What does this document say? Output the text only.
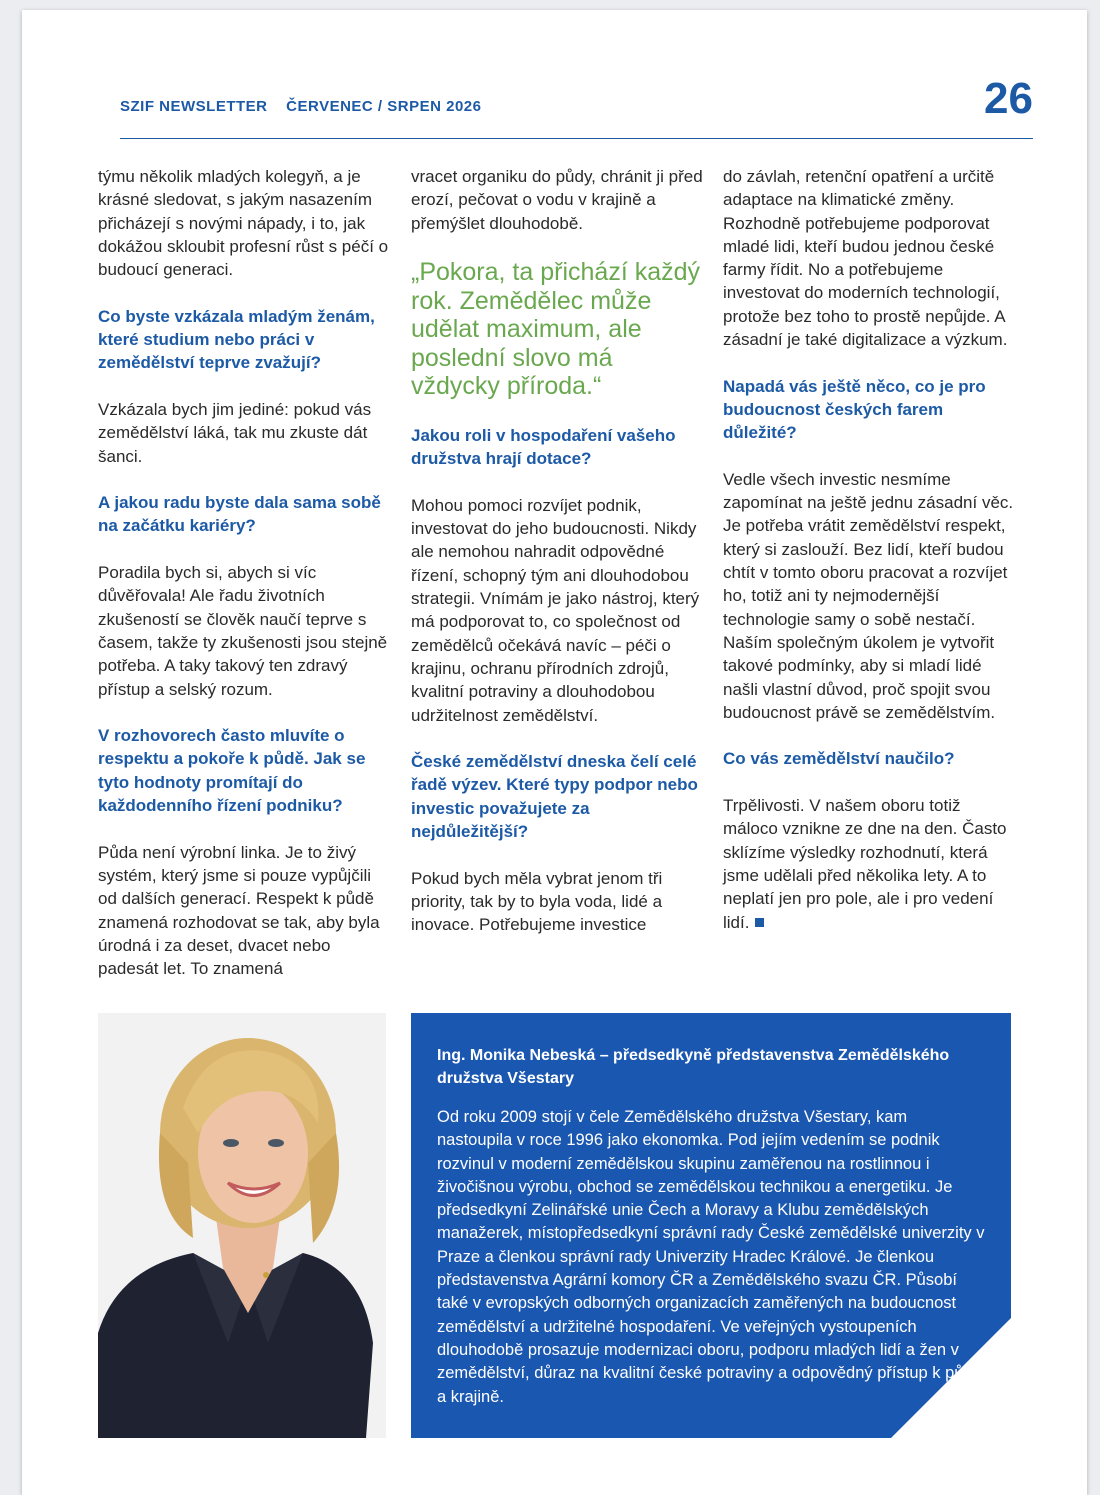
SZIF NEWSLETTER ČERVENEC / SRPEN 2026	26

týmu několik mladých kolegyň, a je krásné sledovat, s jakým nasazením přicházejí s novými nápady, i to, jak dokážou skloubit profesní růst s péčí o budoucí generaci.

Co byste vzkázala mladým ženám, které studium nebo práci v zemědělství teprve zvažují?

Vzkázala bych jim jediné: pokud vás zemědělství láká, tak mu zkuste dát šanci.

A jakou radu byste dala sama sobě na začátku kariéry?

Poradila bych si, abych si víc důvěřovala! Ale řadu životních zkušeností se člověk naučí teprve s časem, takže ty zkušenosti jsou stejně potřeba. A taky takový ten zdravý přístup a selský rozum.

V rozhovorech často mluvíte o respektu a pokoře k půdě. Jak se tyto hodnoty promítají do každodenního řízení podniku?

Půda není výrobní linka. Je to živý systém, který jsme si pouze vypůjčili od dalších generací. Respekt k půdě znamená rozhodovat se tak, aby byla úrodná i za deset, dvacet nebo padesát let. To znamená

vracet organiku do půdy, chránit ji před erozí, pečovat o vodu v krajině a přemýšlet dlouhodobě.

„Pokora, ta přichází každý rok. Zemědělec může udělat maximum, ale poslední slovo má vždycky příroda.“

Jakou roli v hospodaření vašeho družstva hrají dotace?

Mohou pomoci rozvíjet podnik, investovat do jeho budoucnosti. Nikdy ale nemohou nahradit odpovědné řízení, schopný tým ani dlouhodobou strategii. Vnímám je jako nástroj, který má podporovat to, co společnost od zemědělců očekává navíc – péči o krajinu, ochranu přírodních zdrojů, kvalitní potraviny a dlouhodobou udržitelnost zemědělství.

České zemědělství dneska čelí celé řadě výzev. Které typy podpor nebo investic považujete za nejdůležitější?

Pokud bych měla vybrat jenom tři priority, tak by to byla voda, lidé a inovace. Potřebujeme investice

do závlah, retenční opatření a určitě adaptace na klimatické změny. Rozhodně potřebujeme podporovat mladé lidi, kteří budou jednou české farmy řídit. No a potřebujeme investovat do moderních technologií, protože bez toho to prostě nepůjde. A zásadní je také digitalizace a výzkum.

Napadá vás ještě něco, co je pro budoucnost českých farem důležité?

Vedle všech investic nesmíme zapomínat na ještě jednu zásadní věc. Je potřeba vrátit zemědělství respekt, který si zaslouží. Bez lidí, kteří budou chtít v tomto oboru pracovat a rozvíjet ho, totiž ani ty nejmodernější technologie samy o sobě nestačí. Naším společným úkolem je vytvořit takové podmínky, aby si mladí lidé našli vlastní důvod, proč spojit svou budoucnost právě se zemědělstvím.

Co vás zemědělství naučilo?

Trpělivosti. V našem oboru totiž máloco vznikne ze dne na den. Často sklízíme výsledky rozhodnutí, která jsme udělali před několika lety. A to neplatí jen pro pole, ale i pro vedení lidí.

Ing. Monika Nebeská – předsedkyně představenstva Zemědělského družstva Všestary

Od roku 2009 stojí v čele Zemědělského družstva Všestary, kam nastoupila v roce 1996 jako ekonomka. Pod jejím vedením se podnik rozvinul v moderní zemědělskou skupinu zaměřenou na rostlinnou i živočišnou výrobu, obchod se zemědělskou technikou a energetiku. Je předsedkyní Zelinářské unie Čech a Moravy a Klubu zemědělských manažerek, místopředsedkyní správní rady České zemědělské univerzity v Praze a členkou správní rady Univerzity Hradec Králové. Je členkou představenstva Agrární komory ČR a Zemědělského svazu ČR. Působí také v evropských odborných organizacích zaměřených na budoucnost zemědělství a udržitelné hospodaření. Ve veřejných vystoupeních dlouhodobě prosazuje modernizaci oboru, podporu mladých lidí a žen v zemědělství, důraz na kvalitní české potraviny a odpovědný přístup k půdě a krajině.
